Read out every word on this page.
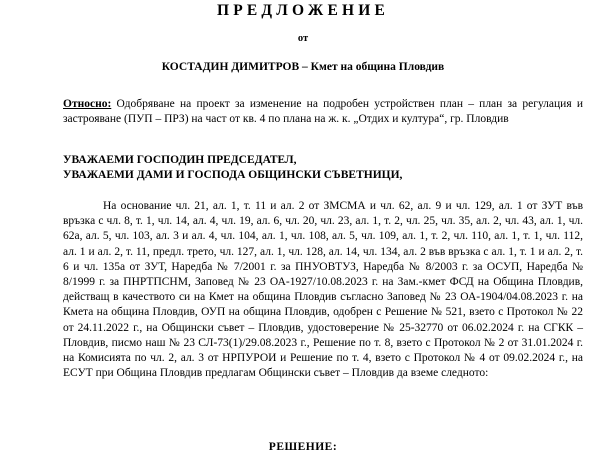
ПРЕДЛОЖЕНИЕ
от
КОСТАДИН ДИМИТРОВ – Кмет на община Пловдив
Относно: Одобряване на проект за изменение на подробен устройствен план – план за регулация и застрояване (ПУП – ПРЗ) на част от кв. 4 по плана на ж. к. „Отдих и култура“, гр. Пловдив
УВАЖАЕМИ ГОСПОДИН ПРЕДСЕДАТЕЛ,
УВАЖАЕМИ ДАМИ И ГОСПОДА ОБЩИНСКИ СЪВЕТНИЦИ,

На основание чл. 21, ал. 1, т. 11 и ал. 2 от ЗМСМА и чл. 62, ал. 9 и чл. 129, ал. 1 от ЗУТ във връзка с чл. 8, т. 1, чл. 14, ал. 4, чл. 19, ал. 6, чл. 20, чл. 23, ал. 1, т. 2, чл. 25, чл. 35, ал. 2, чл. 43, ал. 1, чл. 62а, ал. 5, чл. 103, ал. 3 и ал. 4, чл. 104, ал. 1, чл. 108, ал. 5, чл. 109, ал. 1, т. 2, чл. 110, ал. 1, т. 1, чл. 112, ал. 1 и ал. 2, т. 11, предл. трето, чл. 127, ал. 1, чл. 128, ал. 14, чл. 134, ал. 2 във връзка с ал. 1, т. 1 и ал. 2, т. 6 и чл. 135а от ЗУТ, Наредба № 7/2001 г. за ПНУОВТУЗ, Наредба № 8/2003 г. за ОСУП, Наредба № 8/1999 г. за ПНРТПСНМ, Заповед № 23 ОА-1927/10.08.2023 г. на Зам.-кмет ФСД на Община Пловдив, действащ в качеството си на Кмет на община Пловдив съгласно Заповед № 23 ОА-1904/04.08.2023 г. на Кмета на община Пловдив, ОУП на община Пловдив, одобрен с Решение № 521, взето с Протокол № 22 от 24.11.2022 г., на Общински съвет – Пловдив, удостоверение № 25-32770 от 06.02.2024 г. на СГКК – Пловдив, писмо наш № 23 СЛ-73(1)/29.08.2023 г., Решение по т. 8, взето с Протокол № 2 от 31.01.2024 г. на Комисията по чл. 2, ал. 3 от НРПУРОИ и Решение по т. 4, взето с Протокол № 4 от 09.02.2024 г., на ЕСУТ при Община Пловдив предлагам Общински съвет – Пловдив да вземе следното:

РЕШЕНИЕ:
